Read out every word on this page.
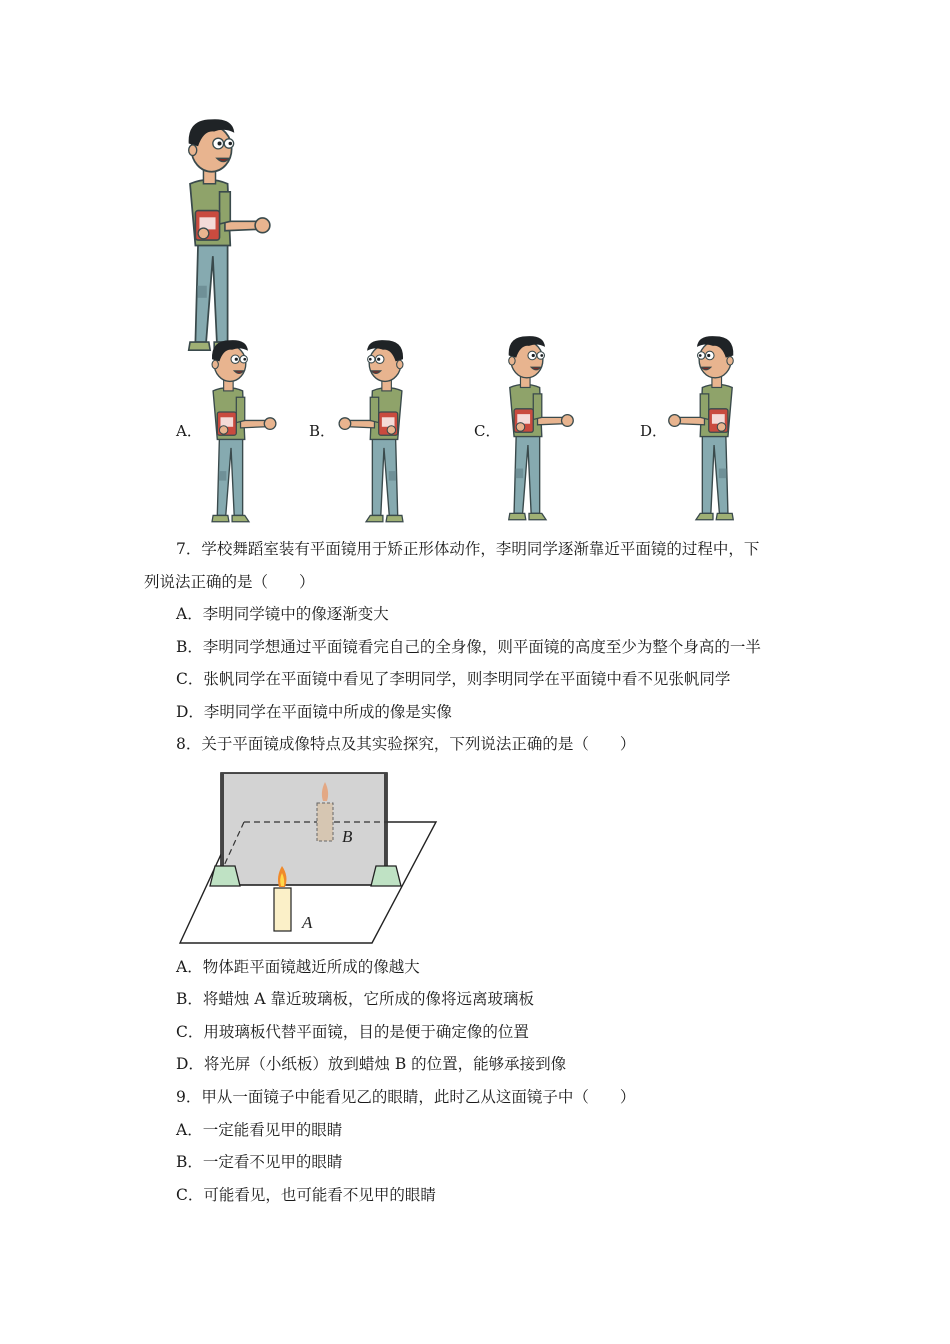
A．	B．	C．	D．
7．学校舞蹈室装有平面镜用于矫正形体动作，李明同学逐渐靠近平面镜的过程中，下
列说法正确的是（　　）
A．李明同学镜中的像逐渐变大
B．李明同学想通过平面镜看完自己的全身像，则平面镜的高度至少为整个身高的一半
C．张帆同学在平面镜中看见了李明同学，则李明同学在平面镜中看不见张帆同学
D．李明同学在平面镜中所成的像是实像
8．关于平面镜成像特点及其实验探究，下列说法正确的是（　　）
B
A
A．物体距平面镜越近所成的像越大
B．将蜡烛 A 靠近玻璃板，它所成的像将远离玻璃板
C．用玻璃板代替平面镜，目的是便于确定像的位置
D．将光屏（小纸板）放到蜡烛 B 的位置，能够承接到像
9．甲从一面镜子中能看见乙的眼睛，此时乙从这面镜子中（　　）
A．一定能看见甲的眼睛
B．一定看不见甲的眼睛
C．可能看见，也可能看不见甲的眼睛
